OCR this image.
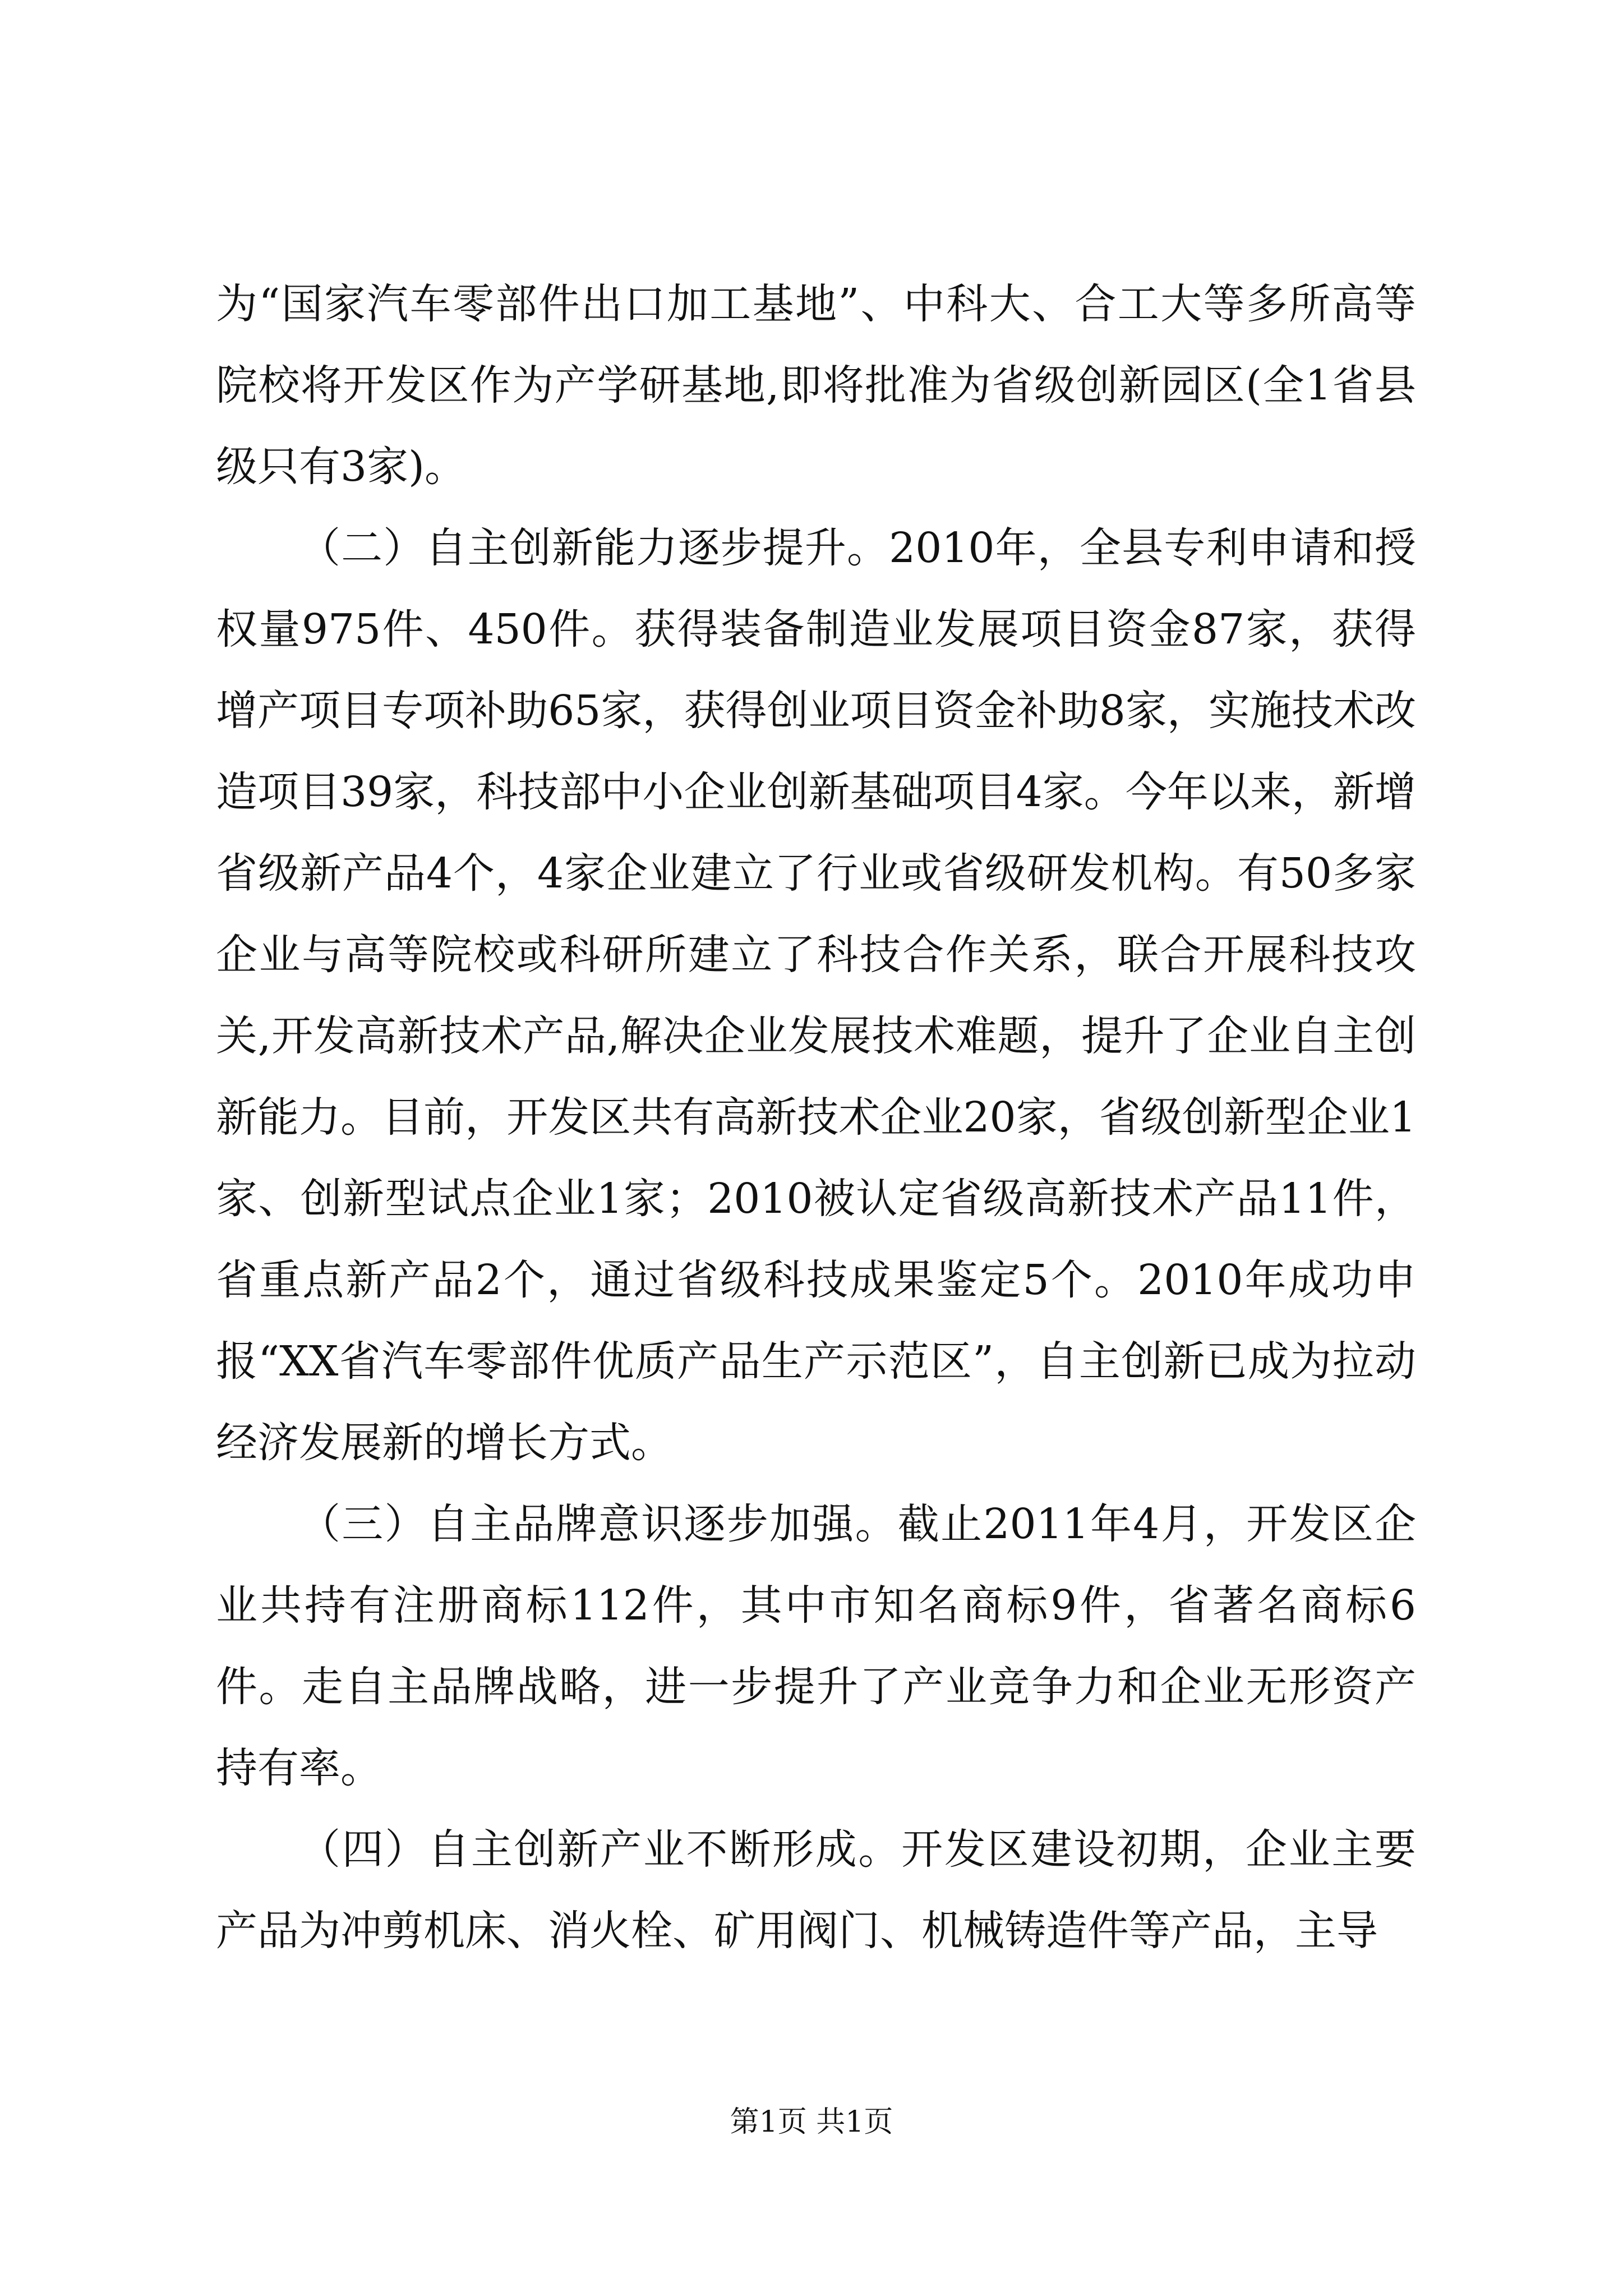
为“国家汽车零部件出口加工基地”、中科大、合工大等多所高等院校将开发区作为产学研基地,即将批准为省级创新园区(全1省县级只有3家)。

（二）自主创新能力逐步提升。2010年，全县专利申请和授权量975件、450件。获得装备制造业发展项目资金87家，获得增产项目专项补助65家，获得创业项目资金补助8家，实施技术改造项目39家，科技部中小企业创新基础项目4家。今年以来，新增省级新产品4个，4家企业建立了行业或省级研发机构。有50多家企业与高等院校或科研所建立了科技合作关系，联合开展科技攻关,开发高新技术产品,解决企业发展技术难题，提升了企业自主创新能力。目前，开发区共有高新技术企业20家，省级创新型企业1家、创新型试点企业1家；2010被认定省级高新技术产品11件，省重点新产品2个，通过省级科技成果鉴定5个。2010年成功申报“XX省汽车零部件优质产品生产示范区”，自主创新已成为拉动经济发展新的增长方式。

（三）自主品牌意识逐步加强。截止2011年4月，开发区企业共持有注册商标112件，其中市知名商标9件，省著名商标6件。走自主品牌战略，进一步提升了产业竞争力和企业无形资产持有率。

（四）自主创新产业不断形成。开发区建设初期，企业主要产品为冲剪机床、消火栓、矿用阀门、机械铸造件等产品，主导

第1页 共1页
